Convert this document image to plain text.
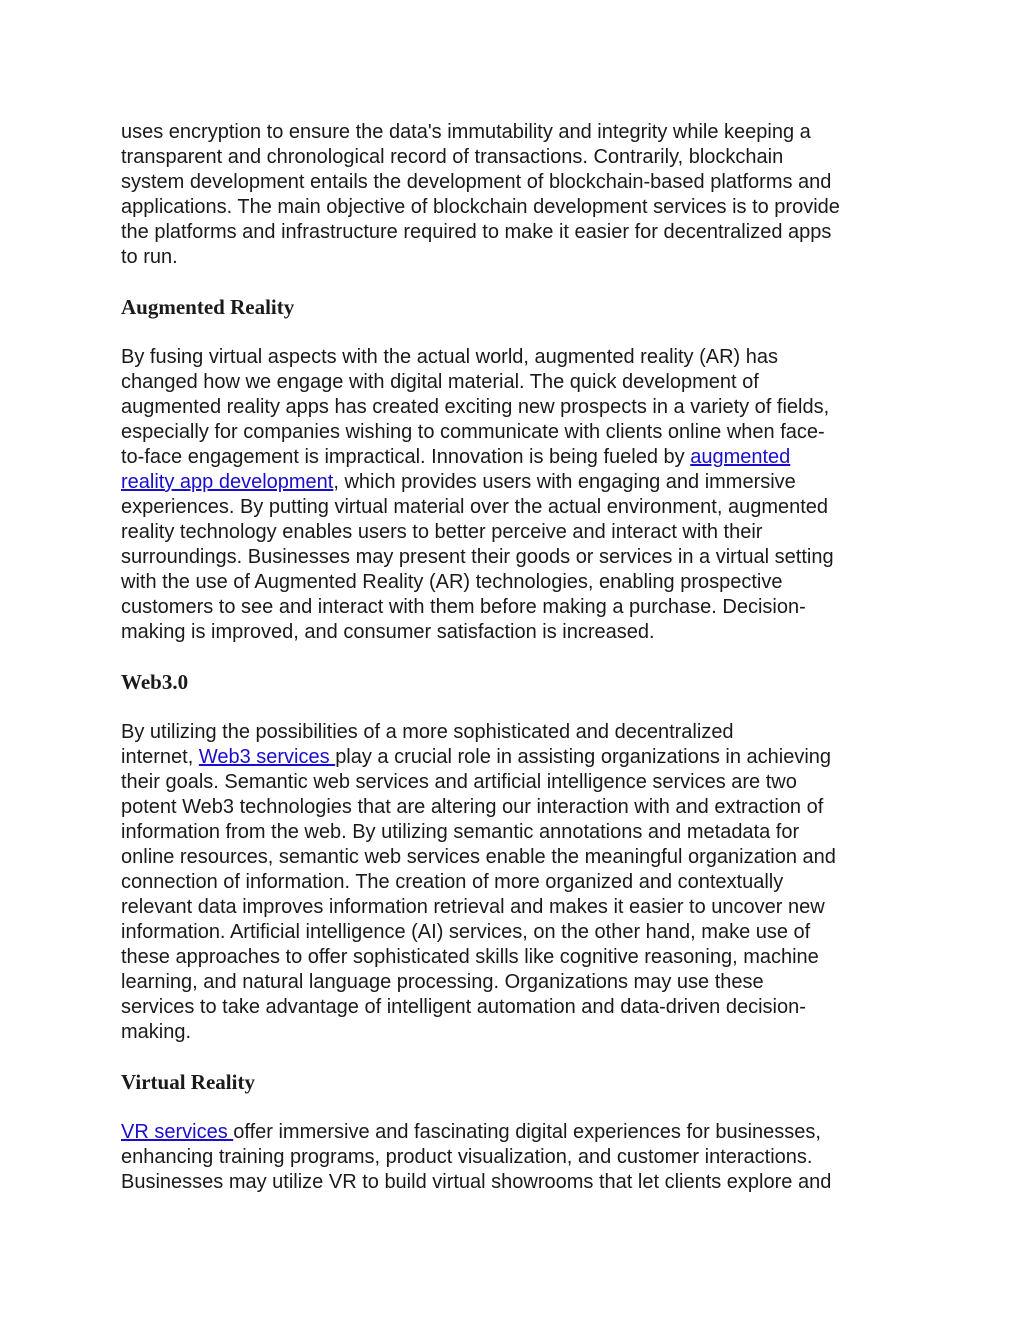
uses encryption to ensure the data's immutability and integrity while keeping a
transparent and chronological record of transactions. Contrarily, blockchain
system development entails the development of blockchain-based platforms and
applications. The main objective of blockchain development services is to provide
the platforms and infrastructure required to make it easier for decentralized apps
to run.

Augmented Reality

By fusing virtual aspects with the actual world, augmented reality (AR) has
changed how we engage with digital material. The quick development of
augmented reality apps has created exciting new prospects in a variety of fields,
especially for companies wishing to communicate with clients online when face-
to-face engagement is impractical. Innovation is being fueled by augmented
reality app development, which provides users with engaging and immersive
experiences. By putting virtual material over the actual environment, augmented
reality technology enables users to better perceive and interact with their
surroundings. Businesses may present their goods or services in a virtual setting
with the use of Augmented Reality (AR) technologies, enabling prospective
customers to see and interact with them before making a purchase. Decision-
making is improved, and consumer satisfaction is increased.

Web3.0

By utilizing the possibilities of a more sophisticated and decentralized
internet, Web3 services play a crucial role in assisting organizations in achieving
their goals. Semantic web services and artificial intelligence services are two
potent Web3 technologies that are altering our interaction with and extraction of
information from the web. By utilizing semantic annotations and metadata for
online resources, semantic web services enable the meaningful organization and
connection of information. The creation of more organized and contextually
relevant data improves information retrieval and makes it easier to uncover new
information. Artificial intelligence (AI) services, on the other hand, make use of
these approaches to offer sophisticated skills like cognitive reasoning, machine
learning, and natural language processing. Organizations may use these
services to take advantage of intelligent automation and data-driven decision-
making.

Virtual Reality

VR services offer immersive and fascinating digital experiences for businesses,
enhancing training programs, product visualization, and customer interactions.
Businesses may utilize VR to build virtual showrooms that let clients explore and
